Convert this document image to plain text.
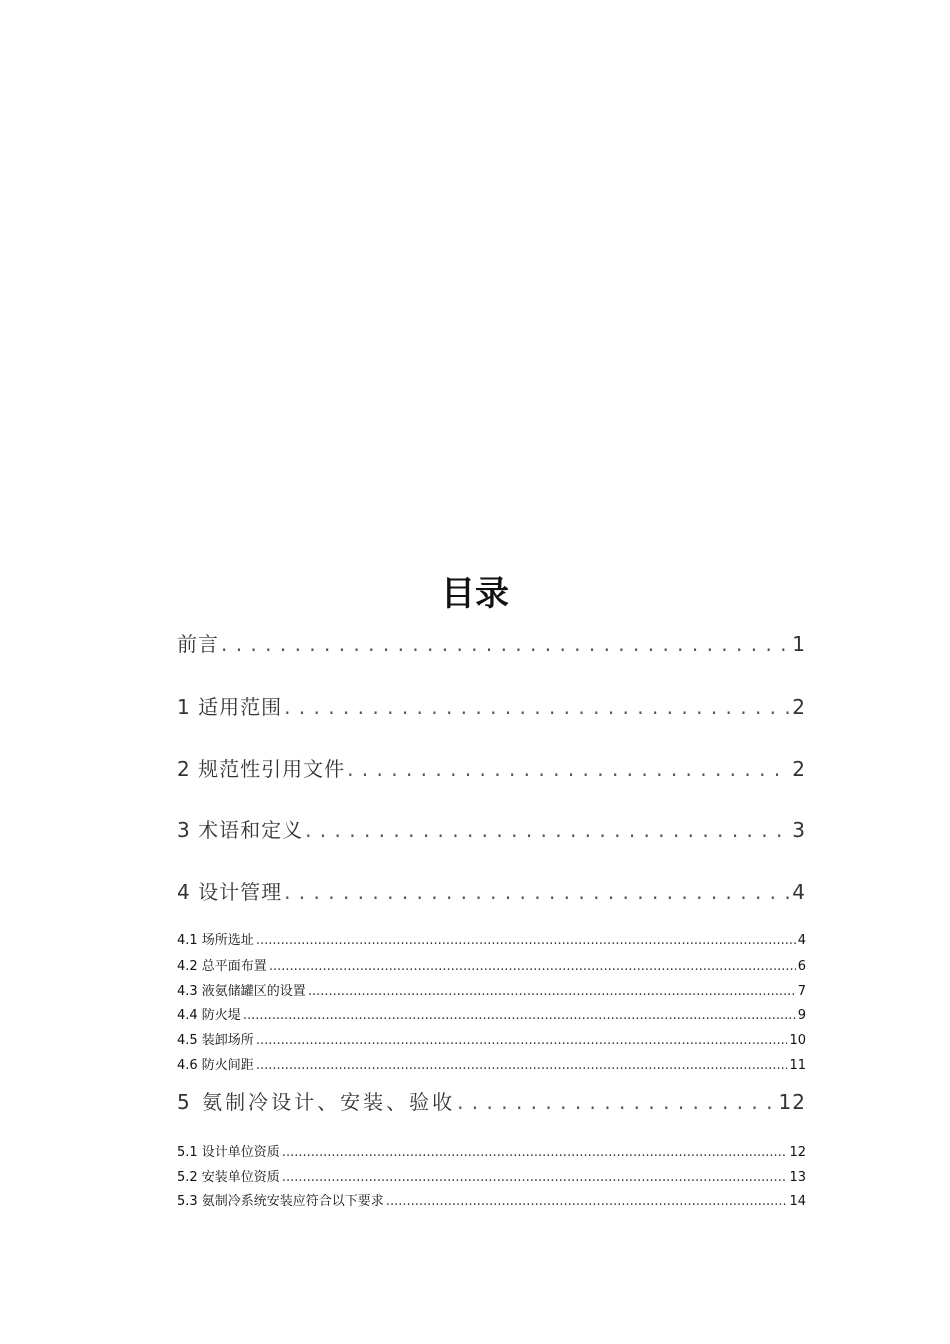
目录
前言 . . .	1
1 适用范围 . . .	2
2 规范性引用文件 . . .	2
3 术语和定义 . . .	3
4 设计管理 . . .	4
4.1 场所选址 .....	4
4.2 总平面布置 .....	6
4.3 液氨储罐区的设置 .....	7
4.4 防火堤 .....	9
4.5 装卸场所 .....	10
4.6 防火间距 .....	11
5 氨制冷设计、安装、验收 . . .	12
5.1 设计单位资质 .....	12
5.2 安装单位资质 .....	13
5.3 氨制冷系统安装应符合以下要求 .....	14
